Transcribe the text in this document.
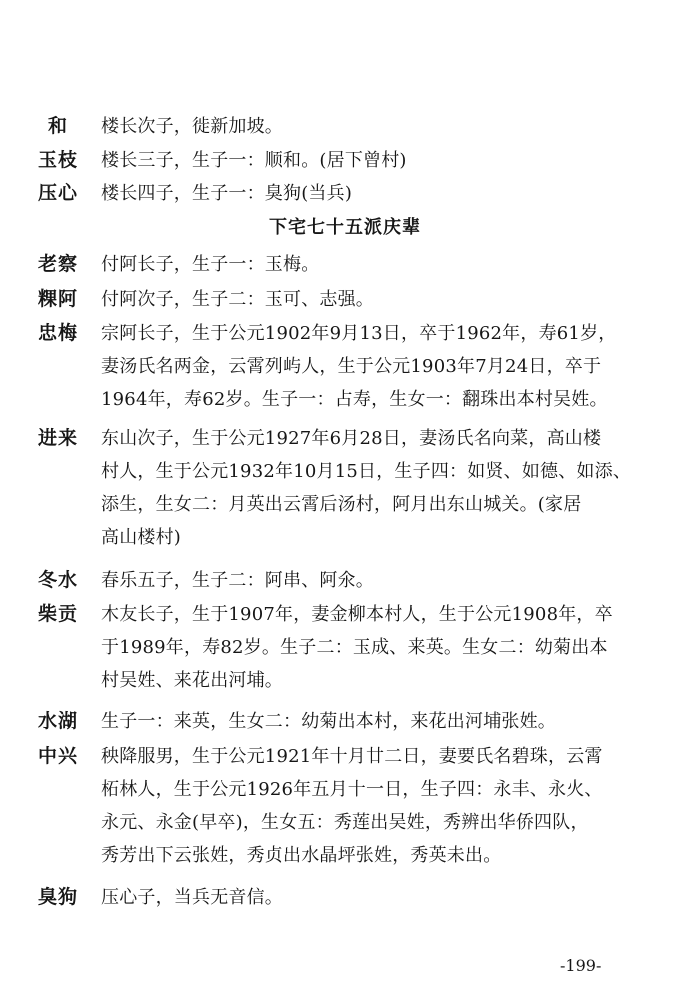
和	楼长次子，徙新加坡。
玉枝	楼长三子，生子一：顺和。(居下曾村)
压心	楼长四子，生子一：臭狗(当兵)
下宅七十五派庆辈
老察	付阿长子，生子一：玉梅。
粿阿	付阿次子，生子二：玉可、志强。
忠梅	宗阿长子，生于公元1902年9月13日，卒于1962年，寿61岁，
妻汤氏名两金，云霄列屿人，生于公元1903年7月24日，卒于
1964年，寿62岁。生子一：占寿，生女一：翻珠出本村吴姓。
进来	东山次子，生于公元1927年6月28日，妻汤氏名向菜，高山楼
村人，生于公元1932年10月15日，生子四：如贤、如德、如添、
添生，生女二：月英出云霄后汤村，阿月出东山城关。(家居
高山楼村)
冬水	春乐五子，生子二：阿串、阿氽。
柴贡	木友长子，生于1907年，妻金柳本村人，生于公元1908年，卒
于1989年，寿82岁。生子二：玉成、来英。生女二：幼菊出本
村吴姓、来花出河埔。
水湖	生子一：来英，生女二：幼菊出本村，来花出河埔张姓。
中兴	秧降服男，生于公元1921年十月廿二日，妻要氏名碧珠，云霄
柘林人，生于公元1926年五月十一日，生子四：永丰、永火、
永元、永金(早卒)，生女五：秀莲出吴姓，秀辨出华侨四队，
秀芳出下云张姓，秀贞出水晶坪张姓，秀英未出。
臭狗	压心子，当兵无音信。
-199-
